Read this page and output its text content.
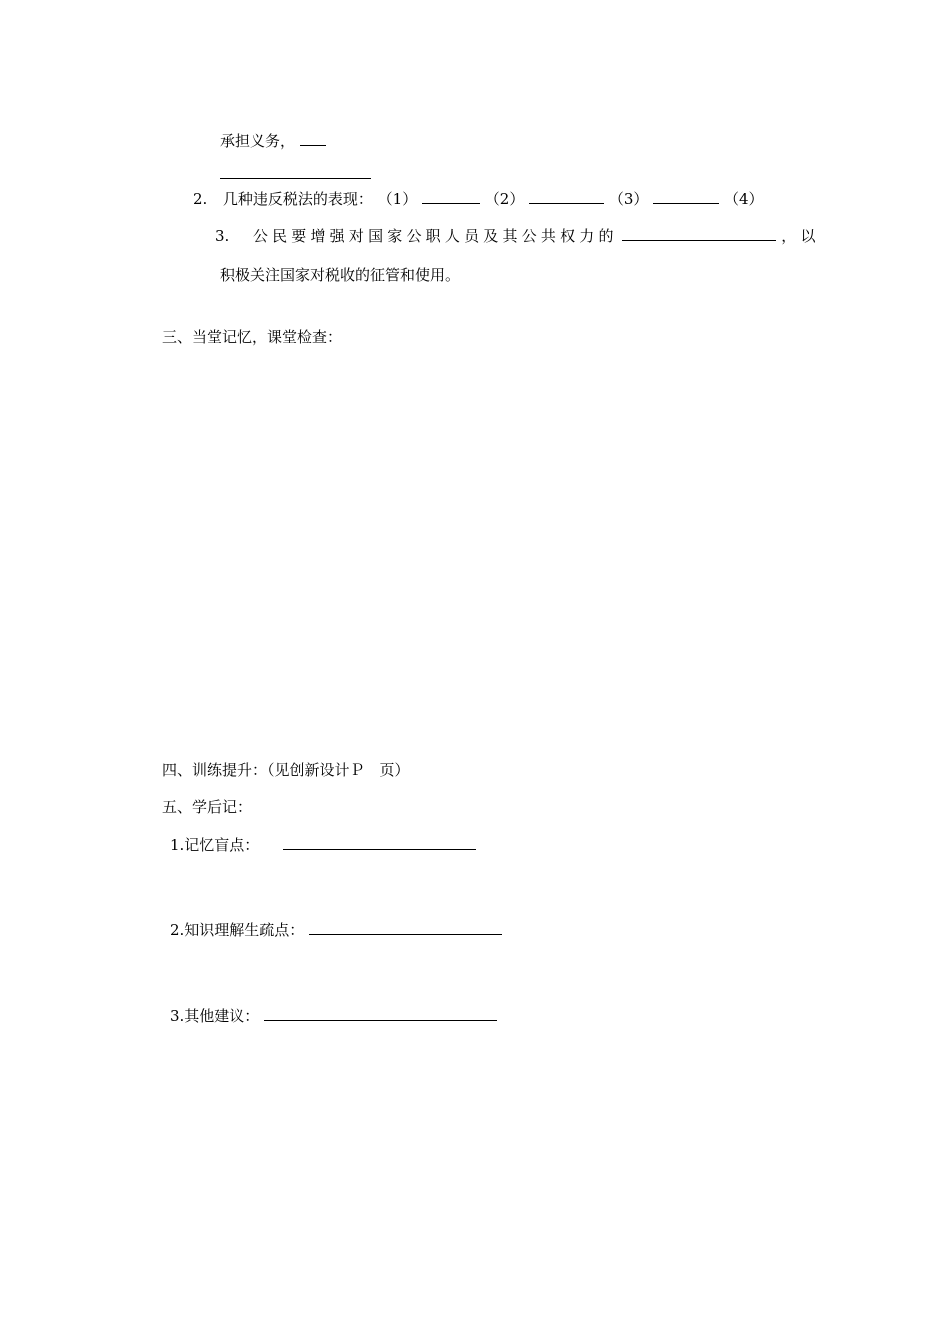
承担义务，
2. 几种违反税法的表现： （1）	（2）	（3）	（4）
3. 公民要增强对国家公职人员及其公共权力的	，以
积极关注国家对税收的征管和使用。
三、当堂记忆，课堂检查：
四、训练提升：（见创新设计Ｐ　页）
五、学后记：
1.记忆盲点：
2.知识理解生疏点：
3.其他建议：
